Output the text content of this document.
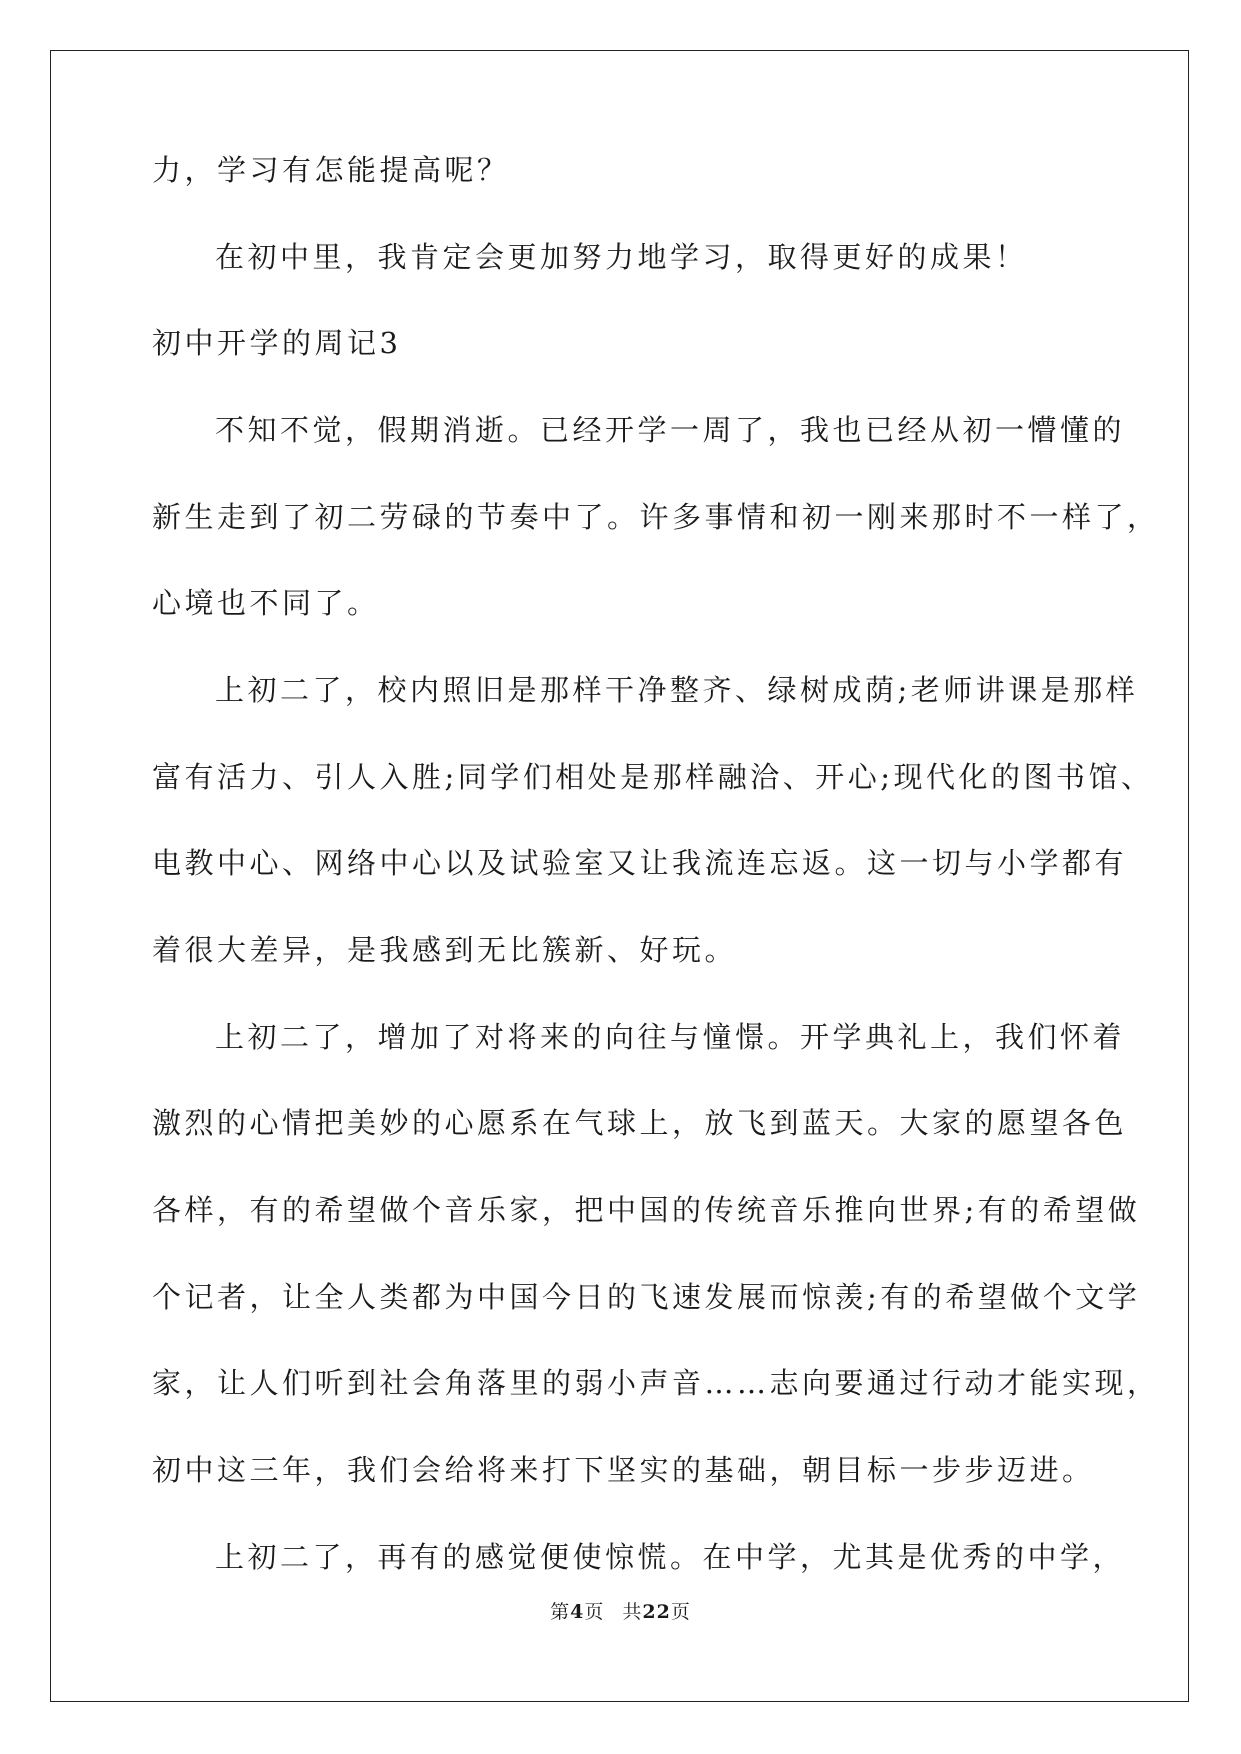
力，学习有怎能提高呢？
在初中里，我肯定会更加努力地学习，取得更好的成果！
初中开学的周记3
不知不觉，假期消逝。已经开学一周了，我也已经从初一懵懂的
新生走到了初二劳碌的节奏中了。许多事情和初一刚来那时不一样了，
心境也不同了。
上初二了，校内照旧是那样干净整齐、绿树成荫;老师讲课是那样
富有活力、引人入胜;同学们相处是那样融洽、开心;现代化的图书馆、
电教中心、网络中心以及试验室又让我流连忘返。这一切与小学都有
着很大差异，是我感到无比簇新、好玩。
上初二了，增加了对将来的向往与憧憬。开学典礼上，我们怀着
激烈的心情把美妙的心愿系在气球上，放飞到蓝天。大家的愿望各色
各样，有的希望做个音乐家，把中国的传统音乐推向世界;有的希望做
个记者，让全人类都为中国今日的飞速发展而惊羡;有的希望做个文学
家，让人们听到社会角落里的弱小声音……志向要通过行动才能实现，
初中这三年，我们会给将来打下坚实的基础，朝目标一步步迈进。
第4页 共22页
上初二了，再有的感觉便使惊慌。在中学，尤其是优秀的中学，
